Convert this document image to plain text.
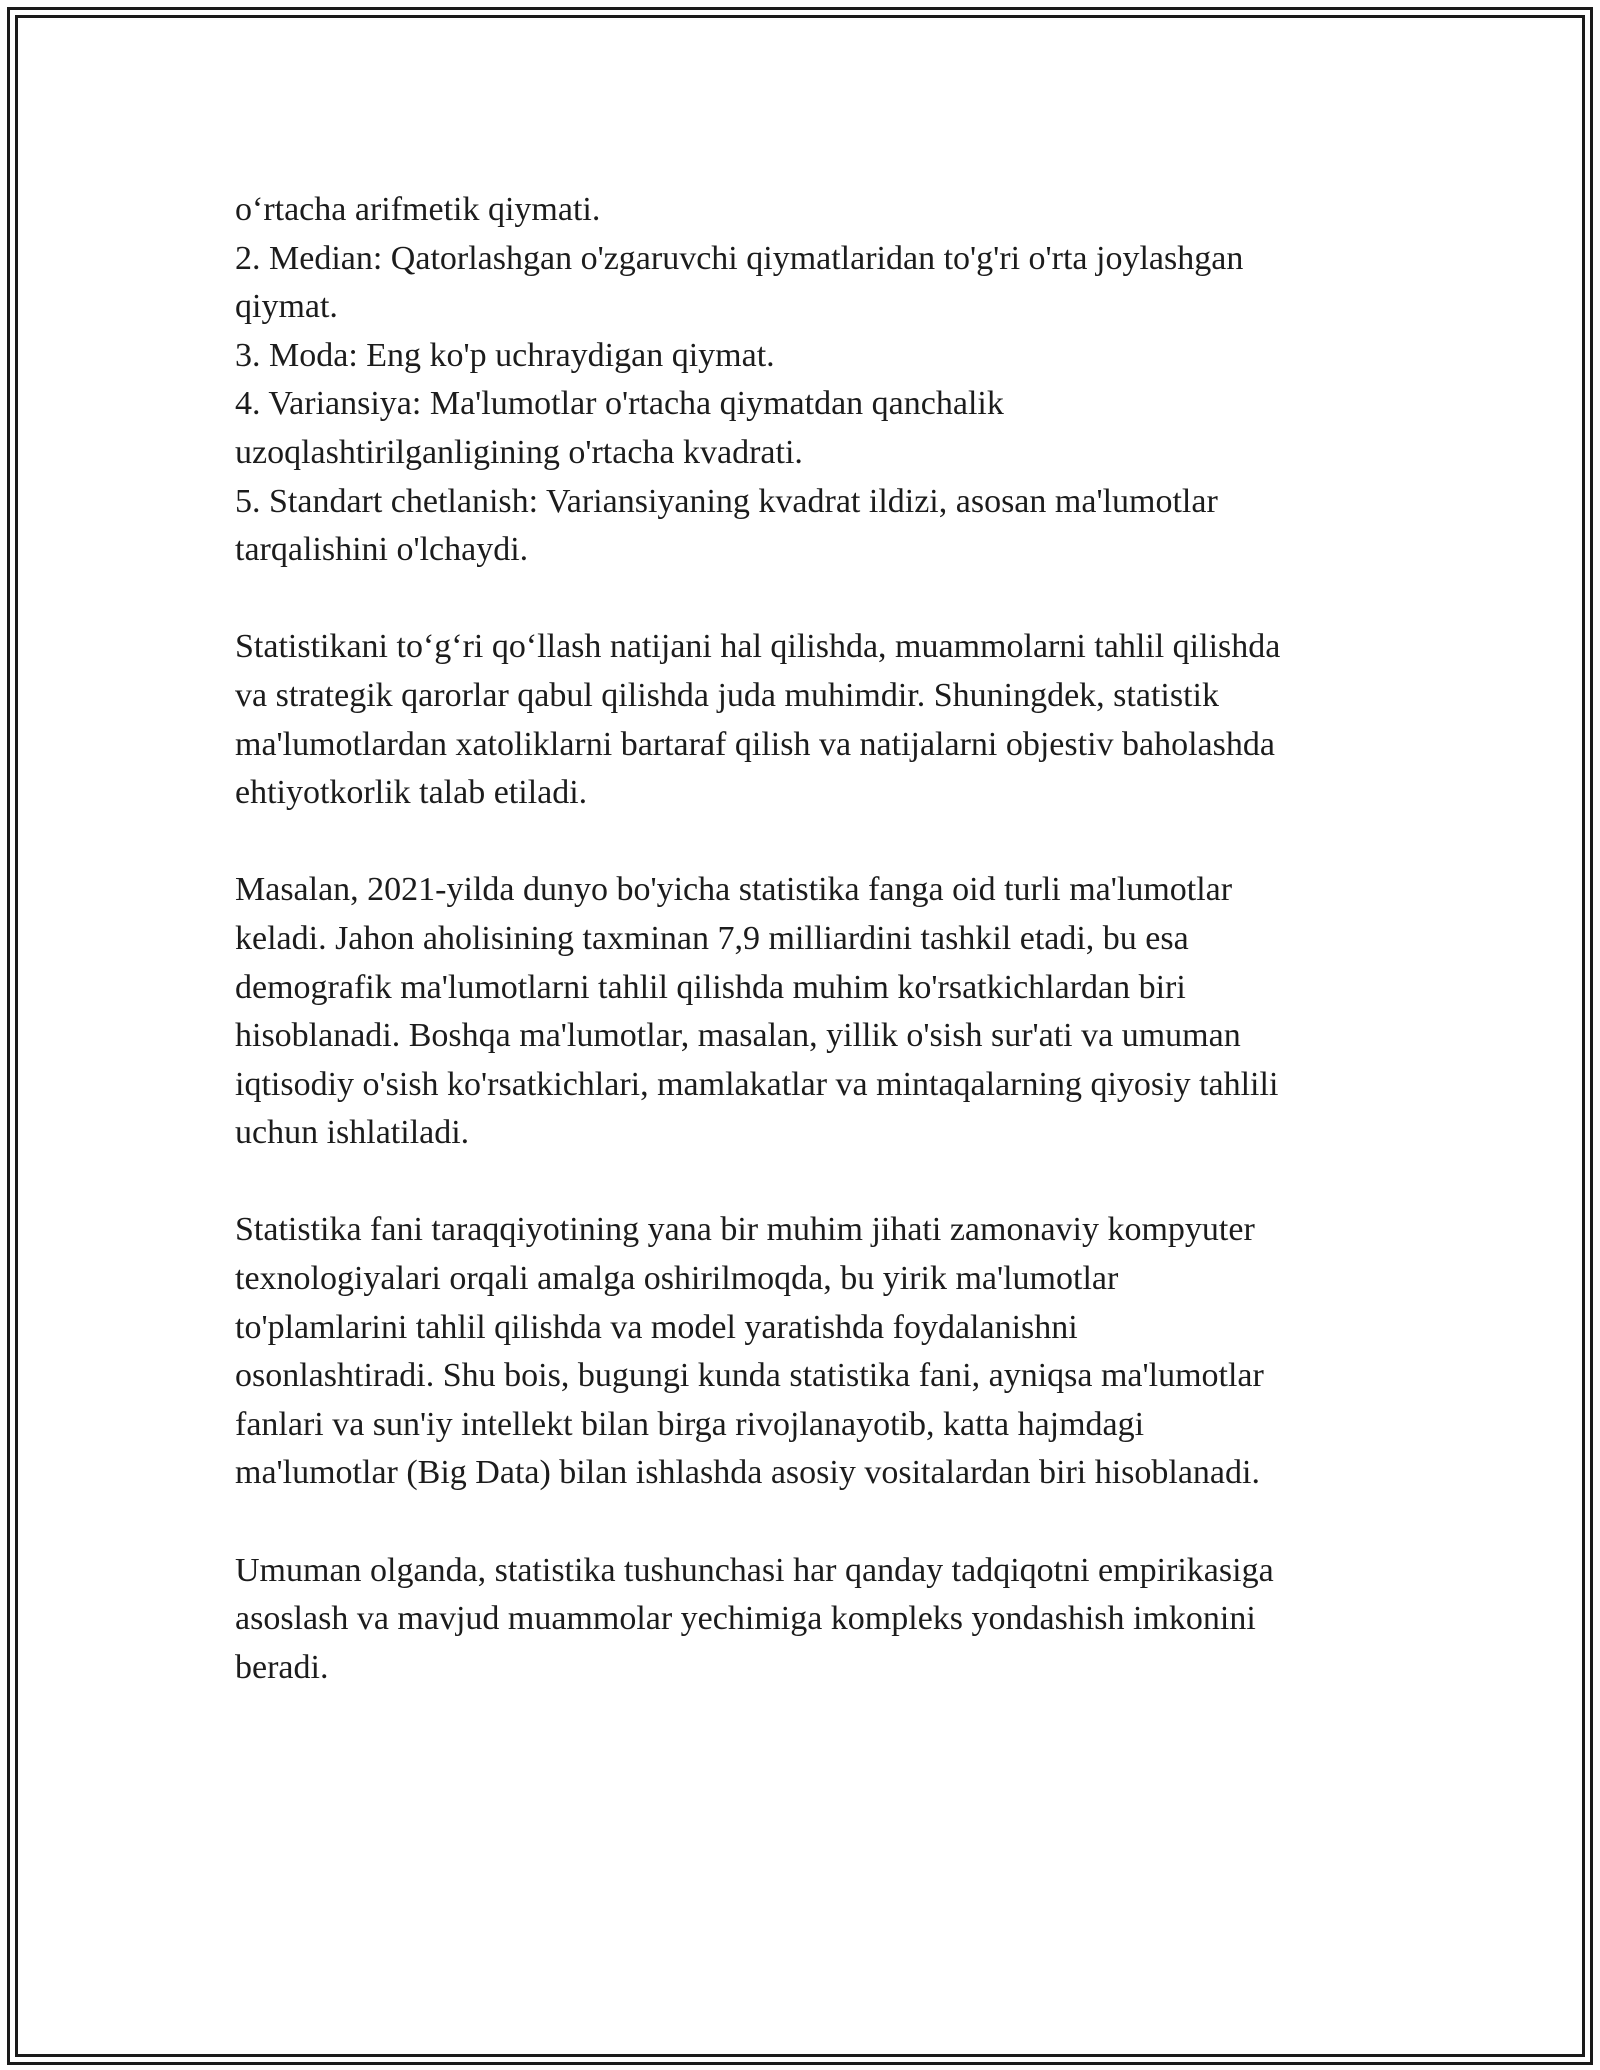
o‘rtacha arifmetik qiymati.
2. Median: Qatorlashgan o'zgaruvchi qiymatlaridan to'g'ri o'rta joylashgan
qiymat.
3. Moda: Eng ko'p uchraydigan qiymat.
4. Variansiya: Ma'lumotlar o'rtacha qiymatdan qanchalik
uzoqlashtirilganligining o'rtacha kvadrati.
5. Standart chetlanish: Variansiyaning kvadrat ildizi, asosan ma'lumotlar
tarqalishini o'lchaydi.
Statistikani to‘g‘ri qo‘llash natijani hal qilishda, muammolarni tahlil qilishda
va strategik qarorlar qabul qilishda juda muhimdir. Shuningdek, statistik
ma'lumotlardan xatoliklarni bartaraf qilish va natijalarni objestiv baholashda
ehtiyotkorlik talab etiladi.
Masalan, 2021-yilda dunyo bo'yicha statistika fanga oid turli ma'lumotlar
keladi. Jahon aholisining taxminan 7,9 milliardini tashkil etadi, bu esa
demografik ma'lumotlarni tahlil qilishda muhim ko'rsatkichlardan biri
hisoblanadi. Boshqa ma'lumotlar, masalan, yillik o'sish sur'ati va umuman
iqtisodiy o'sish ko'rsatkichlari, mamlakatlar va mintaqalarning qiyosiy tahlili
uchun ishlatiladi.
Statistika fani taraqqiyotining yana bir muhim jihati zamonaviy kompyuter
texnologiyalari orqali amalga oshirilmoqda, bu yirik ma'lumotlar
to'plamlarini tahlil qilishda va model yaratishda foydalanishni
osonlashtiradi. Shu bois, bugungi kunda statistika fani, ayniqsa ma'lumotlar
fanlari va sun'iy intellekt bilan birga rivojlanayotib, katta hajmdagi
ma'lumotlar (Big Data) bilan ishlashda asosiy vositalardan biri hisoblanadi.
Umuman olganda, statistika tushunchasi har qanday tadqiqotni empirikasiga
asoslash va mavjud muammolar yechimiga kompleks yondashish imkonini
beradi.
